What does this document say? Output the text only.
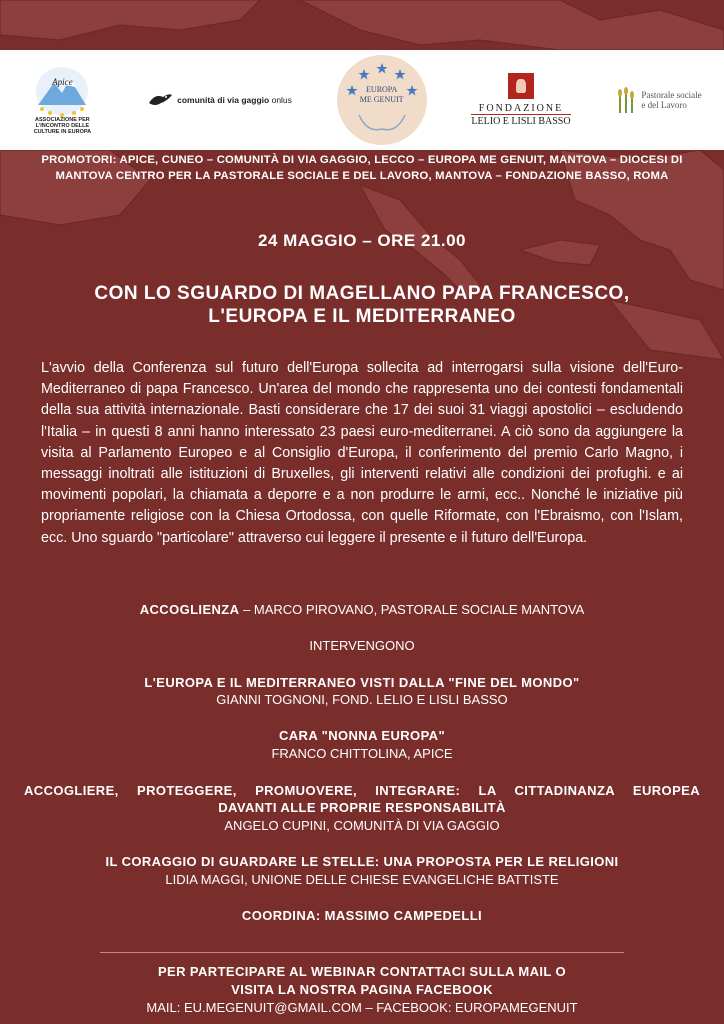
Apice
ASSOCIAZIONE PER L'INCONTRO DELLE CULTURE IN EUROPA
comunità di via gaggio onlus
EUROPA
ME GENUIT
FONDAZIONE
LELIO E LISLI BASSO
Pastorale sociale
e del Lavoro
PROMOTORI: APICE, CUNEO – COMUNITÀ DI VIA GAGGIO, LECCO – EUROPA ME GENUIT, MANTOVA – DIOCESI DI MANTOVA CENTRO PER LA PASTORALE SOCIALE E DEL LAVORO, MANTOVA – FONDAZIONE BASSO, ROMA
24 MAGGIO – ORE 21.00
CON LO SGUARDO DI MAGELLANO PAPA FRANCESCO,
L'EUROPA E IL MEDITERRANEO
L'avvio della Conferenza sul futuro dell'Europa sollecita ad interrogarsi sulla visione dell'Euro-Mediterraneo di papa Francesco. Un'area del mondo che rappresenta uno dei contesti fondamentali della sua attività internazionale. Basti considerare che 17 dei suoi 31 viaggi apostolici – escludendo l'Italia – in questi 8 anni hanno interessato 23 paesi euro-mediterranei. A ciò sono da aggiungere la visita al Parlamento Europeo e al Consiglio d'Europa, il conferimento del premio Carlo Magno, i messaggi inoltrati alle istituzioni di Bruxelles, gli interventi relativi alle condizioni dei profughi. e ai movimenti popolari, la chiamata a deporre e a non produrre le armi, ecc.. Nonché le iniziative più propriamente religiose con la Chiesa Ortodossa, con quelle Riformate, con l'Ebraismo, con l'Islam, ecc. Uno sguardo "particolare" attraverso cui leggere il presente e il futuro dell'Europa.
ACCOGLIENZA – MARCO PIROVANO, PASTORALE SOCIALE MANTOVA
INTERVENGONO
L'EUROPA E IL MEDITERRANEO VISTI DALLA "FINE DEL MONDO"
GIANNI TOGNONI, FOND. LELIO E LISLI BASSO
CARA "NONNA EUROPA"
FRANCO CHITTOLINA, APICE
ACCOGLIERE, PROTEGGERE, PROMUOVERE, INTEGRARE: LA CITTADINANZA EUROPEA
DAVANTI ALLE PROPRIE RESPONSABILITÀ
ANGELO CUPINI, COMUNITÀ DI VIA GAGGIO
IL CORAGGIO DI GUARDARE LE STELLE: UNA PROPOSTA PER LE RELIGIONI
LIDIA MAGGI, UNIONE DELLE CHIESE EVANGELICHE BATTISTE
COORDINA: MASSIMO CAMPEDELLI
PER PARTECIPARE AL WEBINAR CONTATTACI SULLA MAIL O
VISITA LA NOSTRA PAGINA FACEBOOK
MAIL: EU.MEGENUIT@GMAIL.COM – FACEBOOK: EUROPAMEGENUIT
